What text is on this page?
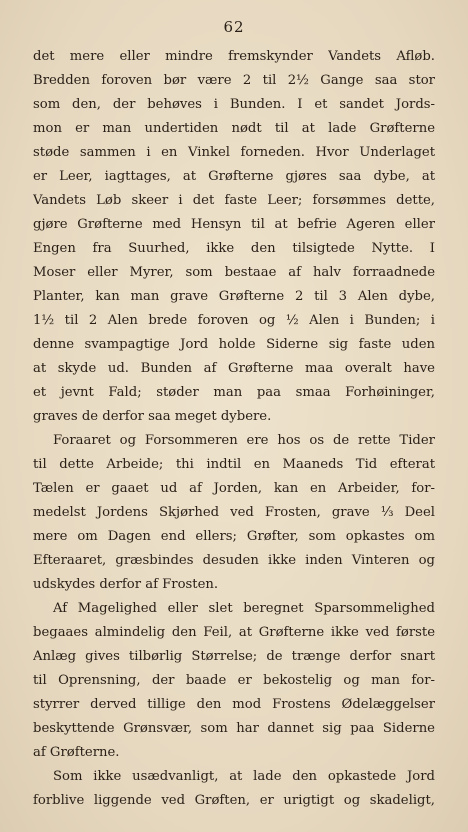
62
det mere eller mindre fremskynder Vandets Afløb.
Bredden foroven bør være 2 til 2½ Gange saa stor
som den, der behøves i Bunden. I et sandet Jords-
mon er man undertiden nødt til at lade Grøfterne
støde sammen i en Vinkel forneden. Hvor Underlaget
er Leer, iagttages, at Grøfterne gjøres saa dybe, at
Vandets Løb skeer i det faste Leer; forsømmes dette,
gjøre Grøfterne med Hensyn til at befrie Ageren eller
Engen fra Suurhed, ikke den tilsigtede Nytte. I
Moser eller Myrer, som bestaae af halv forraadnede
Planter, kan man grave Grøfterne 2 til 3 Alen dybe,
1½ til 2 Alen brede foroven og ½ Alen i Bunden; i
denne svampagtige Jord holde Siderne sig faste uden
at skyde ud. Bunden af Grøfterne maa overalt have
et jevnt Fald; støder man paa smaa Forhøininger,
graves de derfor saa meget dybere.
Foraaret og Forsommeren ere hos os de rette Tider
til dette Arbeide; thi indtil en Maaneds Tid efterat
Tælen er gaaet ud af Jorden, kan en Arbeider, for-
medelst Jordens Skjørhed ved Frosten, grave ⅓ Deel
mere om Dagen end ellers; Grøfter, som opkastes om
Efteraaret, græsbindes desuden ikke inden Vinteren og
udskydes derfor af Frosten.
Af Magelighed eller slet beregnet Sparsommelighed
begaaes almindelig den Feil, at Grøfterne ikke ved første
Anlæg gives tilbørlig Størrelse; de trænge derfor snart
til Oprensning, der baade er bekostelig og man for-
styrrer derved tillige den mod Frostens Ødelæggelser
beskyttende Grønsvær, som har dannet sig paa Siderne
af Grøfterne.
Som ikke usædvanligt, at lade den opkastede Jord
forblive liggende ved Grøften, er urigtigt og skadeligt,
